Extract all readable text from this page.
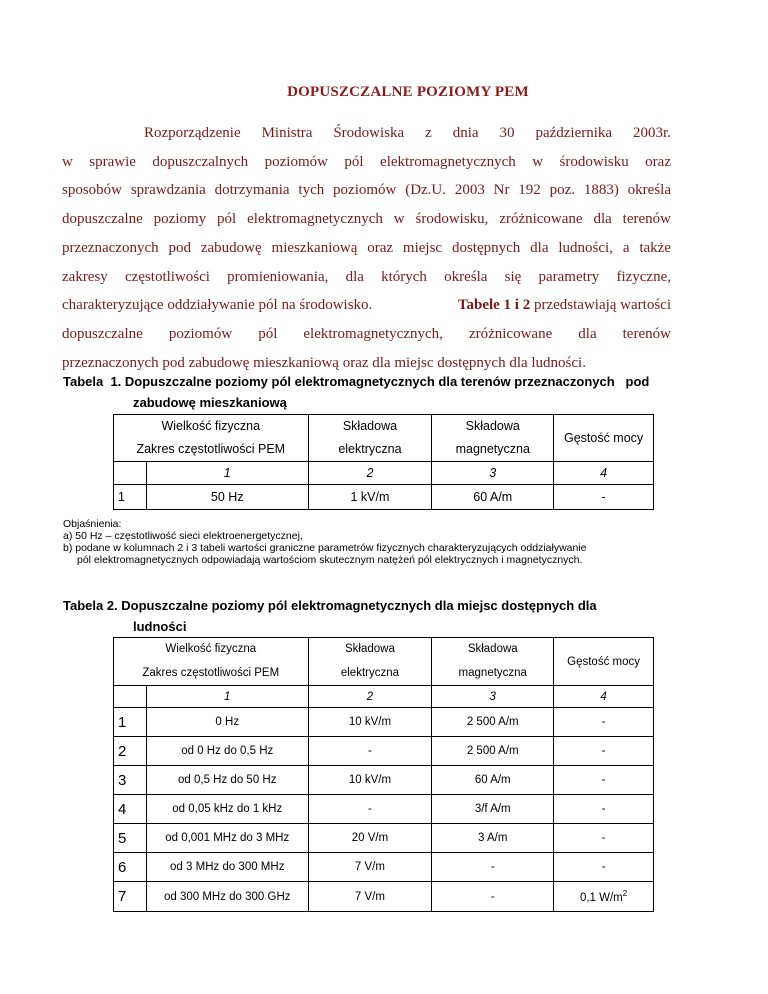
DOPUSZCZALNE POZIOMY PEM
Rozporządzenie Ministra Środowiska z dnia 30 października 2003r.
w sprawie dopuszczalnych poziomów pól elektromagnetycznych w środowisku oraz
sposobów sprawdzania dotrzymania tych poziomów (Dz.U. 2003 Nr 192 poz. 1883) określa
dopuszczalne poziomy pól elektromagnetycznych w środowisku, zróżnicowane dla terenów
przeznaczonych pod zabudowę mieszkaniową oraz miejsc dostępnych dla ludności, a także
zakresy częstotliwości promieniowania, dla których określa się parametry fizyczne,
charakteryzujące oddziaływanie pól na środowisko.	Tabele 1 i 2 przedstawiają wartości
dopuszczalne poziomów pól elektromagnetycznych, zróżnicowane dla terenów
przeznaczonych pod zabudowę mieszkaniową oraz dla miejsc dostępnych dla ludności.
Tabela  1. Dopuszczalne poziomy pól elektromagnetycznych dla terenów przeznaczonych   pod
zabudowę mieszkaniową
Wielkość fizyczna		Składowa	Składowa	Gęstość mocy
Zakres częstotliwości PEM		elektryczna	magnetyczna	
	1	2	3	4
1	50 Hz	1 kV/m	60 A/m	-
Objaśnienia:
a) 50 Hz – częstotliwość sieci elektroenergetycznej,
b) podane w kolumnach 2 i 3 tabeli wartości graniczne parametrów fizycznych charakteryzujących oddziaływanie
pól elektromagnetycznych odpowiadają wartościom skutecznym natężeń pól elektrycznych i magnetycznych.
Tabela 2. Dopuszczalne poziomy pól elektromagnetycznych dla miejsc dostępnych dla
ludności
Wielkość fizyczna		Składowa	Składowa	Gęstość mocy
Zakres częstotliwości PEM		elektryczna	magnetyczna	
	1	2	3	4
1	0 Hz	10 kV/m	2 500 A/m	-
2	od 0 Hz do 0,5 Hz	-	2 500 A/m	-
3	od 0,5 Hz do 50 Hz	10 kV/m	60 A/m	-
4	od 0,05 kHz do 1 kHz	-	3/f A/m	-
5	od 0,001 MHz do 3 MHz	20 V/m	3 A/m	-
6	od 3 MHz do 300 MHz	7 V/m	-	-
7	od 300 MHz do 300 GHz	7 V/m	-	0,1 $W/m^2$
